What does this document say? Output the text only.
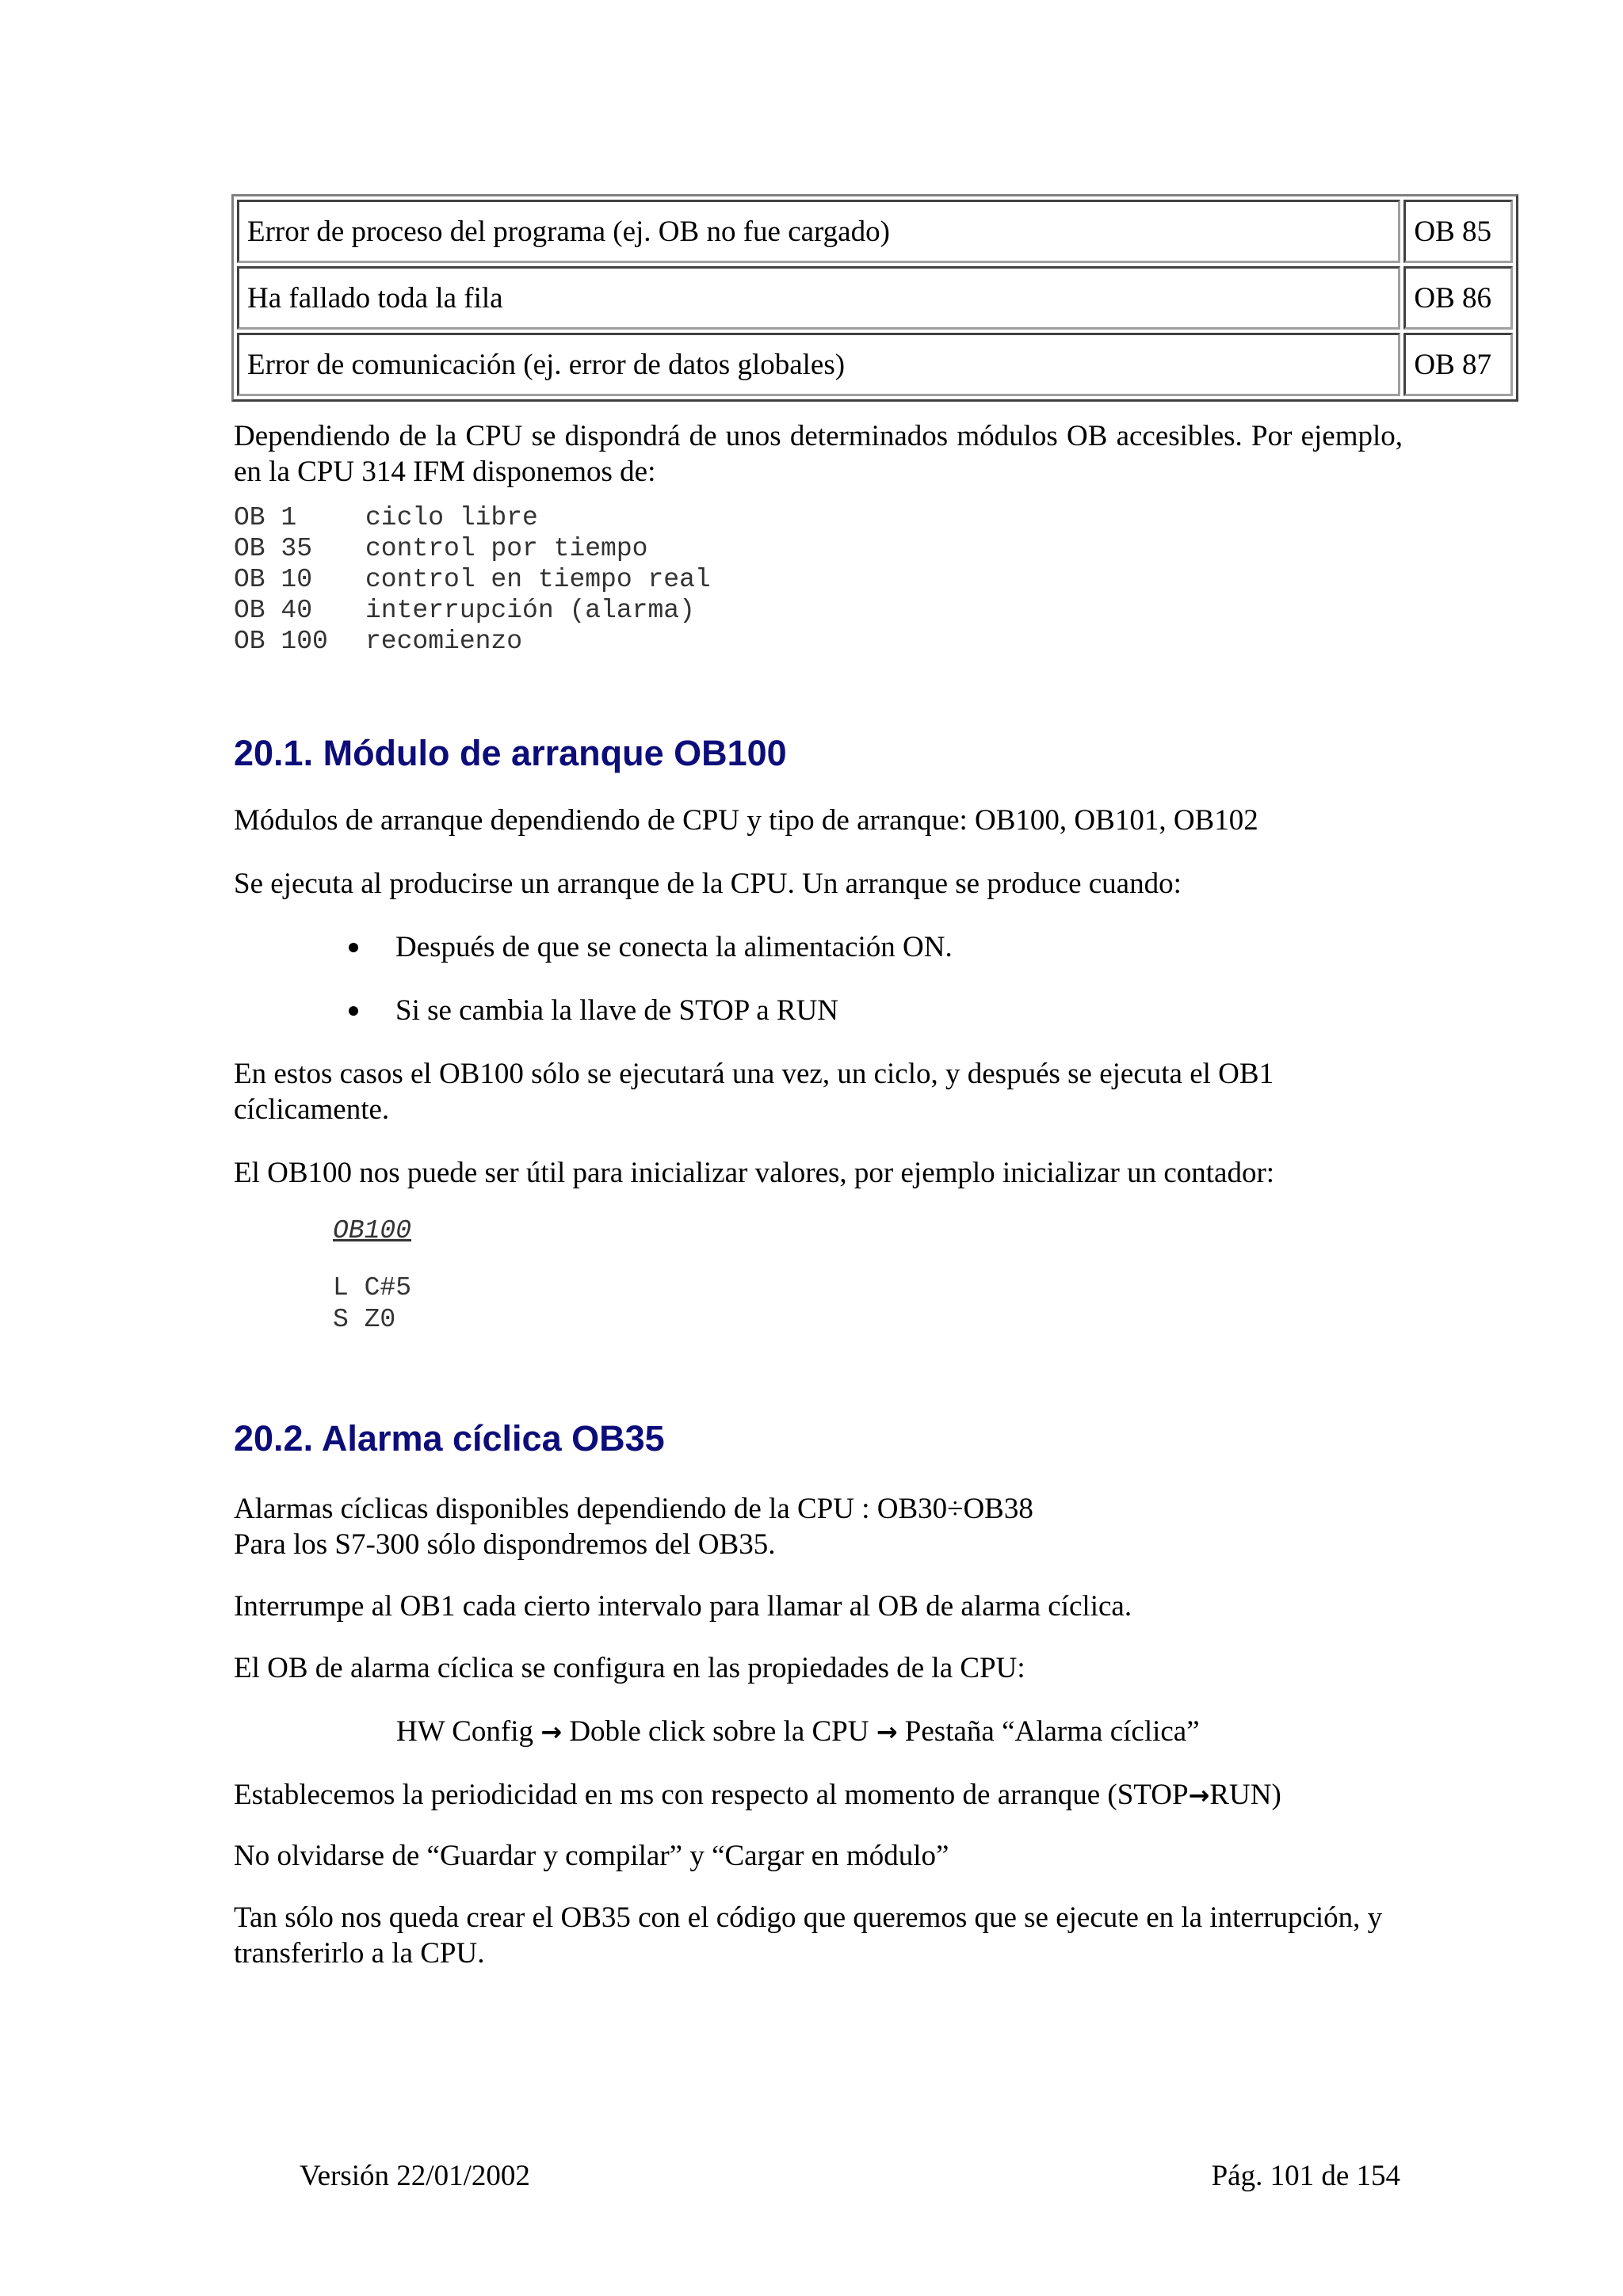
Error de proceso del programa (ej. OB no fue cargado)	OB 85
Ha fallado toda la fila	OB 86
Error de comunicación (ej. error de datos globales)	OB 87
Dependiendo de la CPU se dispondrá de unos determinados módulos OB accesibles. Por ejemplo, en la CPU 314 IFM disponemos de:
OB 1	ciclo libre
OB 35 control por tiempo
OB 10 control en tiempo real
OB 40 interrupción (alarma)
OB 100 recomienzo
20.1. Módulo de arranque OB100
Módulos de arranque dependiendo de CPU y tipo de arranque: OB100, OB101, OB102
Se ejecuta al producirse un arranque de la CPU. Un arranque se produce cuando:
Después de que se conecta la alimentación ON.
Si se cambia la llave de STOP a RUN
En estos casos el OB100 sólo se ejecutará una vez, un ciclo, y después se ejecuta el OB1 cíclicamente.
El OB100 nos puede ser útil para inicializar valores, por ejemplo inicializar un contador:
OB100
L C#5
S Z0
20.2. Alarma cíclica OB35
Alarmas cíclicas disponibles dependiendo de la CPU : OB30÷OB38
Para los S7-300 sólo dispondremos del OB35.
Interrumpe al OB1 cada cierto intervalo para llamar al OB de alarma cíclica.
El OB de alarma cíclica se configura en las propiedades de la CPU:
HW Config → Doble click sobre la CPU → Pestaña “Alarma cíclica”
Establecemos la periodicidad en ms con respecto al momento de arranque (STOP→RUN)
No olvidarse de “Guardar y compilar” y “Cargar en módulo”
Tan sólo nos queda crear el OB35 con el código que queremos que se ejecute en la interrupción, y transferirlo a la CPU.
Versión 22/01/2002	Pág. 101 de 154
